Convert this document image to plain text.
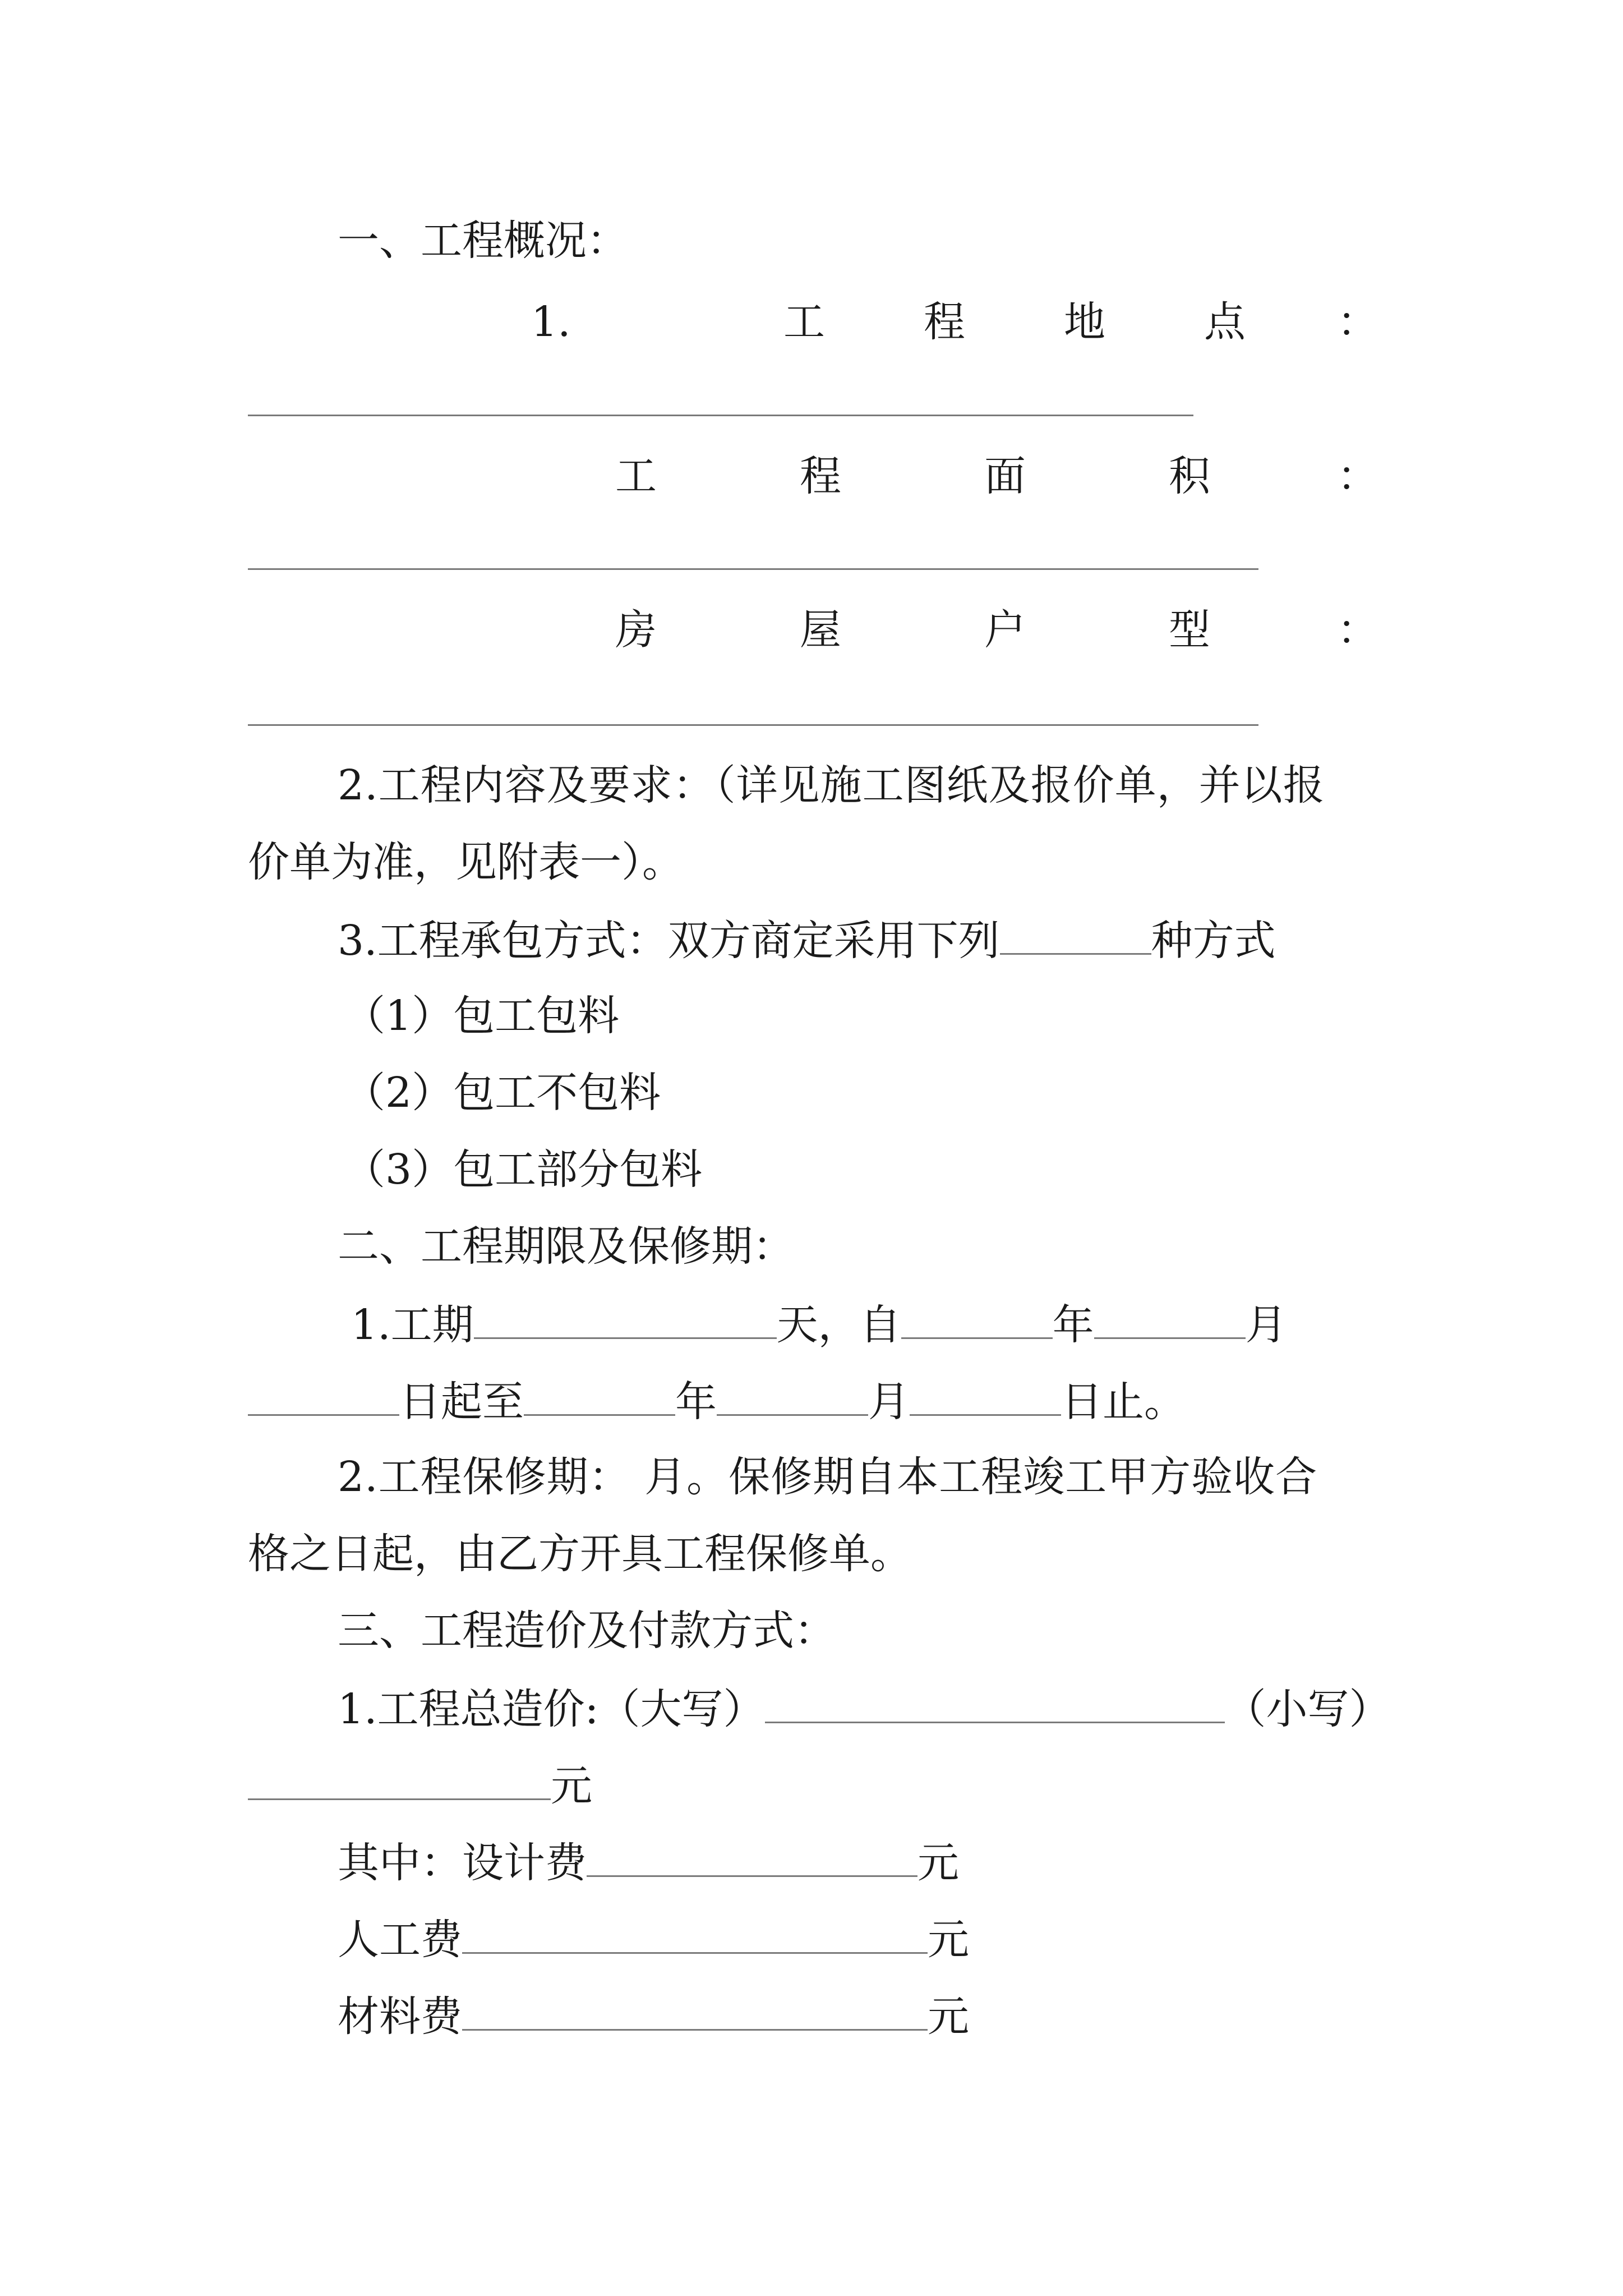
一、工程概况：
1.	工 程 地 点 ：
工	程	面	积	：
房	屋	户	型	：
2.工程内容及要求：（详见施工图纸及报价单，并以报
价单为准，见附表一）。
3.工程承包方式：双方商定采用下列	种方式
（1）包工包料
（2）包工不包料
（3）包工部分包料
二、工程期限及保修期：
1.工期	天，自	年	月
日起至	年	月	日止。
2.工程保修期： 月。保修期自本工程竣工甲方验收合
格之日起，由乙方开具工程保修单。
三、工程造价及付款方式：
1.工程总造价:（大写）	（小写）
元
其中：设计费	元
人工费	元
材料费	元
